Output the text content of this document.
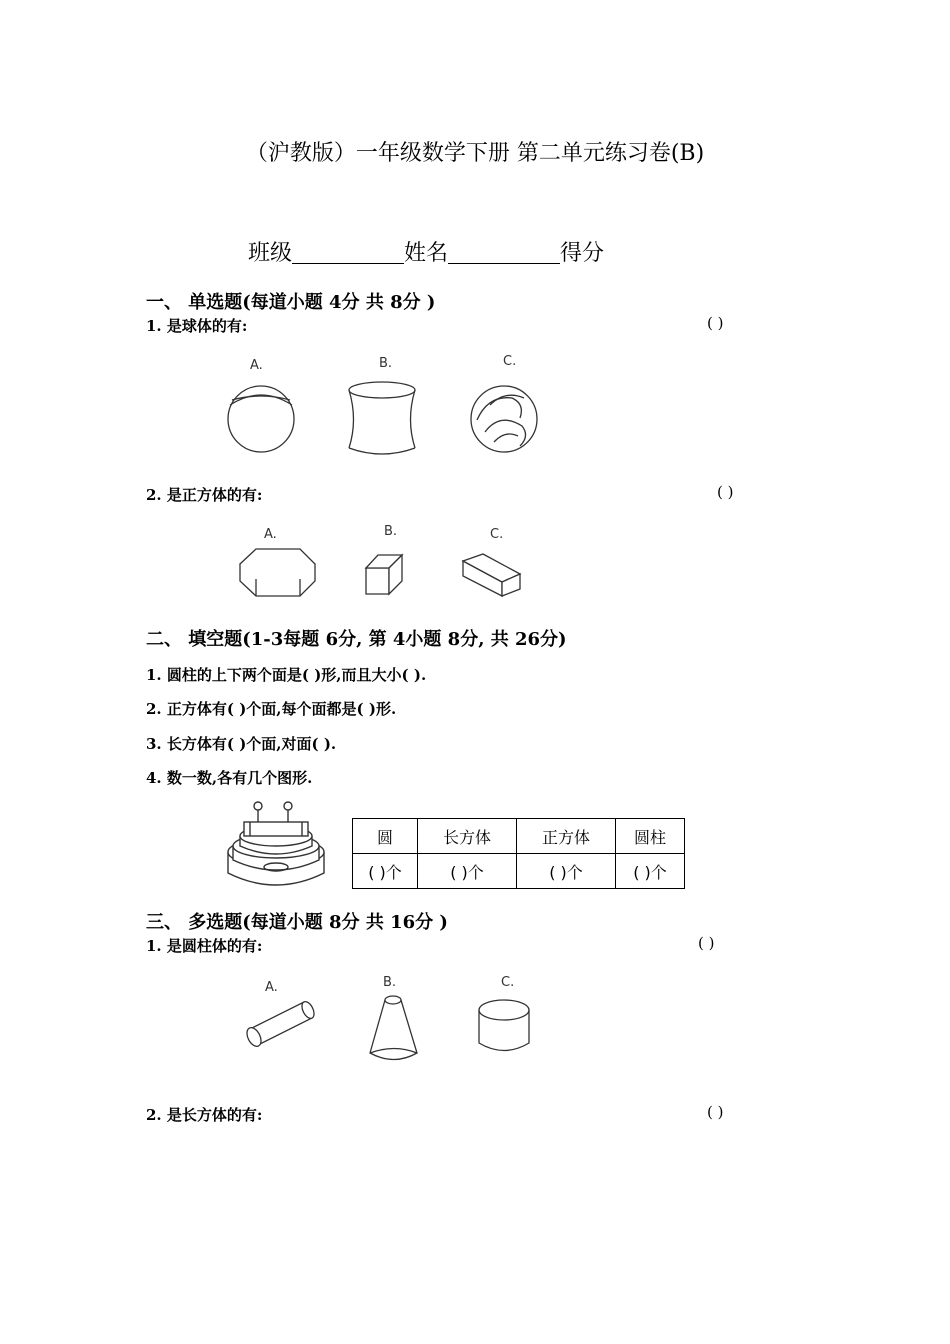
（沪教版）一年级数学下册 第二单元练习卷(B)
班级	姓名	得分
一、 单选题(每道小题 4分 共 8分 )
1. 是球体的有:	( )
A.	B.	C.
2. 是正方体的有:	( )
A.	B.	C.
二、 填空题(1-3每题 6分, 第 4小题 8分, 共 26分)
1. 圆柱的上下两个面是( )形,而且大小( ).
2. 正方体有( )个面,每个面都是( )形.
3. 长方体有( )个面,对面( ).
4. 数一数,各有几个图形.
圆	长方体	正方体	圆柱
( )个	( )个	( )个	( )个
三、 多选题(每道小题 8分 共 16分 )
1. 是圆柱体的有:	( )
A.	B.	C.
2. 是长方体的有:	( )
